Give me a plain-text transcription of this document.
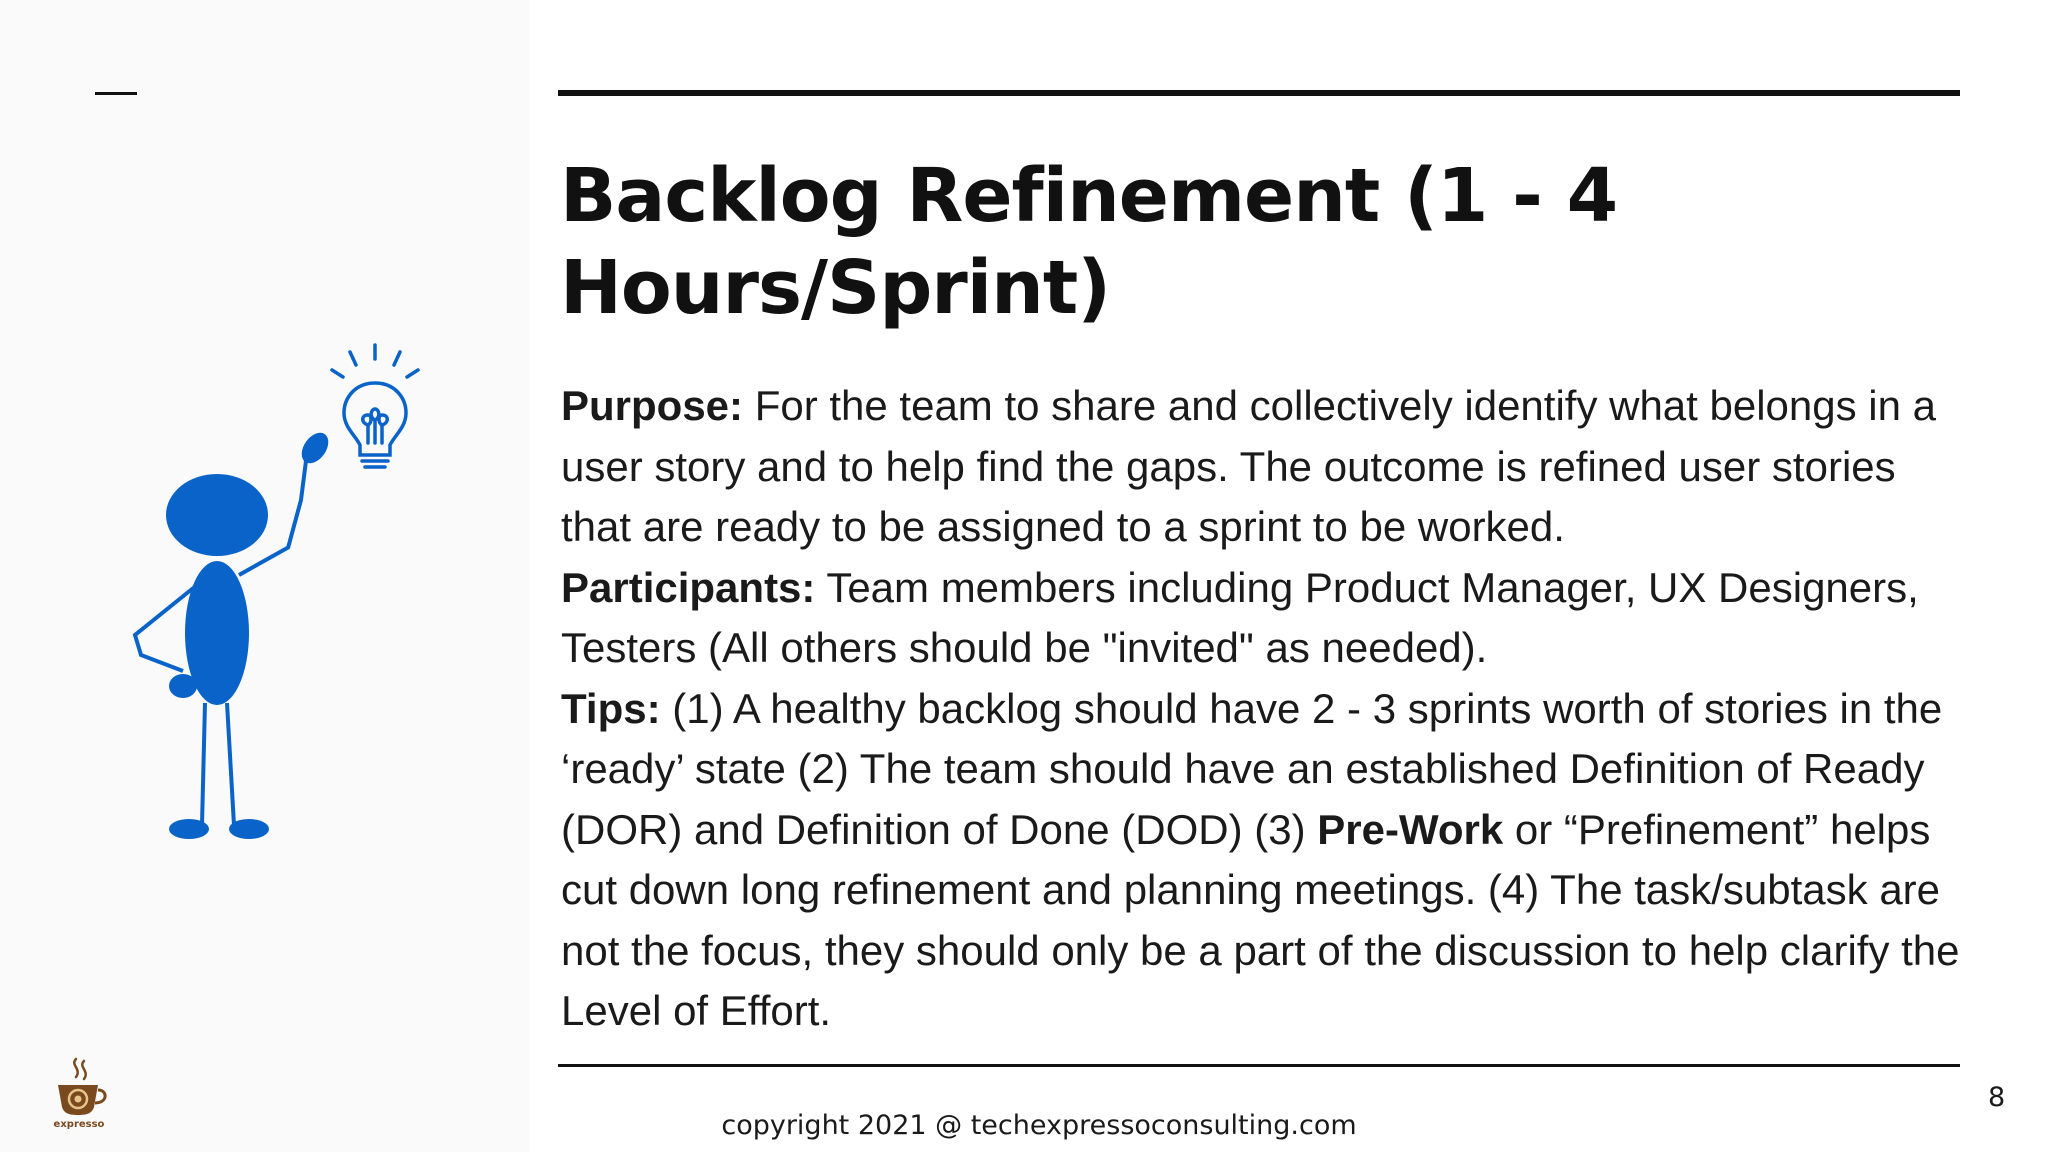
Backlog Refinement (1 - 4
Hours/Sprint)

Purpose: For the team to share and collectively identify what belongs in a user story and to help find the gaps. The outcome is refined user stories that are ready to be assigned to a sprint to be worked.

Participants: Team members including Product Manager, UX Designers, Testers (All others should be "invited" as needed).

Tips: (1) A healthy backlog should have 2 - 3 sprints worth of stories in the ‘ready’ state (2) The team should have an established Definition of Ready (DOR) and Definition of Done (DOD) (3) Pre-Work or “Prefinement” helps cut down long refinement and planning meetings. (4) The task/subtask are not the focus, they should only be a part of the discussion to help clarify the Level of Effort.

expresso	copyright 2021 @ techexpressoconsulting.com
8
